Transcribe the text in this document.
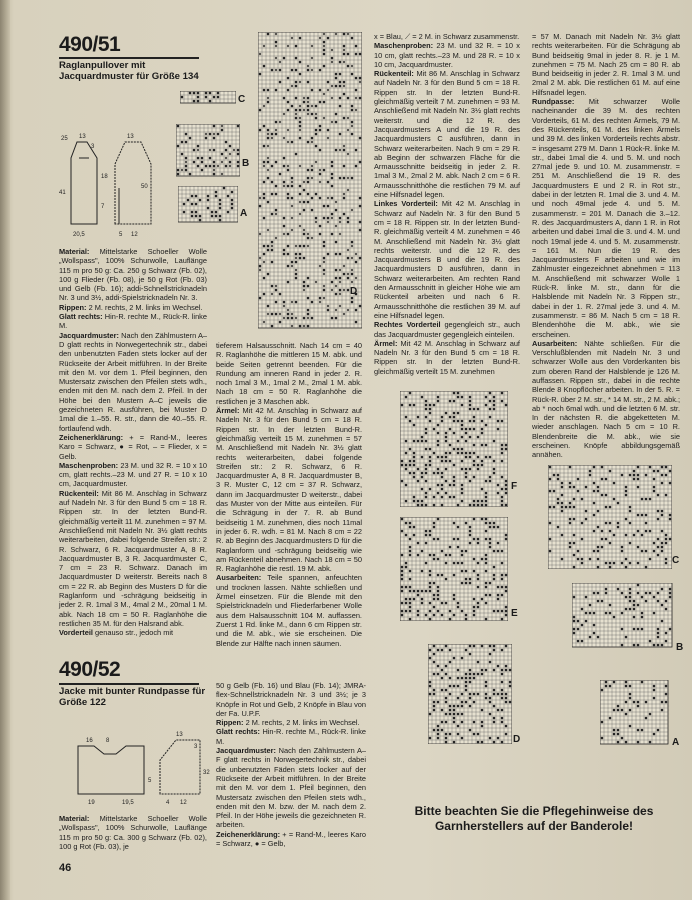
490/51
Raglanpullover mit Jacquardmuster für Größe 134
25 13
3
41
18
13
7
50
20,5	5 12
C
B
A
D

Material: Mittelstarke Schoeller Wolle „Wollspass", 100% Schurwolle, Lauflänge 115 m pro 50 g: Ca. 250 g Schwarz (Fb. 02), 100 g Flieder (Fb. 08), je 50 g Rot (Fb. 03) und Gelb (Fb. 16); addi-Schnellstricknadeln Nr. 3 und 3½, addi-Spielstricknadeln Nr. 3.

Rippen: 2 M. rechts, 2 M. links im Wechsel.

Glatt rechts: Hin-R. rechte M., Rück-R. linke M.

Jacquardmuster: Nach den Zählmustern A–D glatt rechts in Norwegertechnik str., dabei den unbenutzten Faden stets locker auf der Rückseite der Arbeit mitführen. In der Breite mit den M. vor dem 1. Pfeil beginnen, den Mustersatz zwischen den Pfeilen stets wdh., enden mit den M. nach dem 2. Pfeil. In der Höhe bei den Mustern A–C jeweils die gezeichneten R. ausführen, bei Muster D 1mal die 1.–55. R. str., dann die 40.–55. R. fortlaufend wdh.

Zeichenerklärung: + = Rand-M., leeres Karo = Schwarz, ● = Rot, – = Flieder, x = Gelb.

Maschenproben: 23 M. und 32 R. = 10 x 10 cm, glatt rechts.–23 M. und 27 R. = 10 x 10 cm, Jacquardmuster.

Rückenteil: Mit 86 M. Anschlag in Schwarz auf Nadeln Nr. 3 für den Bund 5 cm = 18 R. Rippen str. In der letzten Bund-R. gleichmäßig verteilt 11 M. zunehmen = 97 M. Anschließend mit Nadeln Nr. 3½ glatt rechts weiterarbeiten, dabei folgende Streifen str.: 2 R. Schwarz, 6 R. Jacquardmuster A, 8 R. Jacquardmuster B, 3 R. Jacquardmuster C, 7 cm = 23 R. Schwarz. Danach im Jacquardmuster D weiterstr. Bereits nach 8 cm = 22 R. ab Beginn des Musters D für die Raglanform und -schrägung beidseitig in jeder 2. R. 1mal 3 M., 4mal 2 M., 20mal 1 M. abk. Nach 18 cm = 50 R. Raglanhöhe die restlichen 35 M. für den Halsrand abk.

Vorderteil genauso str., jedoch mit

tieferem Halsausschnitt. Nach 14 cm = 40 R. Raglanhöhe die mittleren 15 M. abk. und beide Seiten getrennt beenden. Für die Rundung am inneren Rand in jeder 2. R. noch 1mal 3 M., 1mal 2 M., 2mal 1 M. abk. Nach 18 cm = 50 R. Raglanhöhe die restlichen je 3 Maschen abk.

Ärmel: Mit 42 M. Anschlag in Schwarz auf Nadeln Nr. 3 für den Bund 5 cm = 18 R. Rippen str. In der letzten Bund-R. gleichmäßig verteilt 15 M. zunehmen = 57 M. Anschließend mit Nadeln Nr. 3½ glatt rechts weiterarbeiten, dabei folgende Streifen str.: 2 R. Schwarz, 6 R. Jacquardmuster A, 8 R. Jacquardmuster B, 3 R. Muster C, 12 cm = 37 R. Schwarz, dann im Jacquardmuster D weiterstr., dabei das Muster von der Mitte aus einteilen. Für die Schrägung in der 7. R. ab Bund beidseitig 1 M. zunehmen, dies noch 11mal in jeder 6. R. wdh. = 81 M. Nach 8 cm = 22 R. ab Beginn des Jacquardmusters D für die Raglanform und -schrägung beidseitig wie am Rückenteil abnehmen. Nach 18 cm = 50 R. Raglanhöhe die restl. 19 M. abk.

Ausarbeiten: Teile spannen, anfeuchten und trocknen lassen. Nähte schließen und Ärmel einsetzen. Für die Blende mit den Spielstricknadeln und Fliederfarbener Wolle aus dem Halsausschnitt 104 M. auffassen. Zuerst 1 Rd. linke M., dann 6 cm Rippen str. und die M. abk., wie sie erscheinen. Die Blende zur Hälfte nach innen säumen.

x = Blau, ⟋ = 2 M. in Schwarz zusammenstr.

Maschenproben: 23 M. und 32 R. = 10 x 10 cm, glatt rechts.–23 M. und 28 R. = 10 x 10 cm, Jacquardmuster.

Rückenteil: Mit 86 M. Anschlag in Schwarz auf Nadeln Nr. 3 für den Bund 5 cm = 18 R. Rippen str. In der letzten Bund-R. gleichmäßig verteilt 7 M. zunehmen = 93 M. Anschließend mit Nadeln Nr. 3½ glatt rechts weiterstr. und die 12 R. des Jacquardmusters A und die 19 R. des Jacquardmusters C ausführen, dann in Schwarz weiterarbeiten. Nach 9 cm = 29 R. ab Beginn der schwarzen Fläche für die Armausschnitte beidseitig in jeder 2. R. 1mal 3 M., 2mal 2 M. abk. Nach 2 cm = 6 R. Armausschnitthöhe die restlichen 79 M. auf eine Hilfsnadel legen.

Linkes Vorderteil: Mit 42 M. Anschlag in Schwarz auf Nadeln Nr. 3 für den Bund 5 cm = 18 R. Rippen str. In der letzten Bund-R. gleichmäßig verteilt 4 M. zunehmen = 46 M. Anschließend mit Nadeln Nr. 3½ glatt rechts weiterstr. und die 12 R. des Jacquardmusters B und die 19 R. des Jacquardmusters D ausführen, dann in Schwarz weiterarbeiten. Am rechten Rand den Armausschnitt in gleicher Höhe wie am Rückenteil arbeiten und nach 6 R. Armausschnitthöhe die restlichen 39 M. auf eine Hilfsnadel legen.

Rechtes Vorderteil gegengleich str., auch das Jacquardmuster gegengleich einteilen.

Ärmel: Mit 42 M. Anschlag in Schwarz auf Nadeln Nr. 3 für den Bund 5 cm = 18 R. Rippen str. In der letzten Bund-R. gleichmäßig verteilt 15 M. zunehmen

= 57 M. Danach mit Nadeln Nr. 3½ glatt rechts weiterarbeiten. Für die Schrägung ab Bund beidseitig 9mal in jeder 8. R. je 1 M. zunehmen = 75 M. Nach 25 cm = 80 R. ab Bund beidseitig in jeder 2. R. 1mal 3 M. und 2mal 2 M. abk. Die restlichen 61 M. auf eine Hilfsnadel legen.

Rundpasse: Mit schwarzer Wolle nacheinander die 39 M. des rechten Vorderteils, 61 M. des rechten Ärmels, 79 M. des Rückenteils, 61 M. des linken Ärmels und 39 M. des linken Vorderteils rechts abstr. = insgesamt 279 M. Dann 1 Rück-R. linke M. str., dabei 1mal die 4. und 5. M. und noch 27mal jede 9. und 10. M. zusammenstr. = 251 M. Anschließend die 19 R. des Jacquardmusters E und 2 R. in Rot str., dabei in der letzten R. 1mal die 3. und 4. M. und noch 49mal jede 4. und 5. M. zusammenstr. = 201 M. Danach die 3.–12. R. des Jacquardmusters A, dann 1 R. in Rot arbeiten und dabei 1mal die 3. und 4. M. und noch 19mal jede 4. und 5. M. zusammenstr. = 161 M. Nun die 19 R. des Jacquardmusters F arbeiten und wie im Zählmuster eingezeichnet abnehmen = 113 M. Anschließend mit schwarzer Wolle 1 Rück-R. linke M. str., dann für die Halsblende mit Nadeln Nr. 3 Rippen str., dabei in der 1. R. 27mal jede 3. und 4. M. zusammenstr. = 86 M. Nach 5 cm = 18 R. Blendenhöhe die M. abk., wie sie erscheinen.

Ausarbeiten: Nähte schließen. Für die Verschlußblenden mit Nadeln Nr. 3 und schwarzer Wolle aus den Vorderkanten bis zum oberen Rand der Halsblende je 126 M. auffassen. Rippen str., dabei in die rechte Blende 8 Knopflöcher arbeiten. In der 5. R. = Rück-R. über 2 M. str., * 14 M. str., 2 M. abk.; ab * noch 6mal wdh. und die letzten 6 M. str. In der nächsten R. die abgeketteten M. wieder anschlagen. Nach 5 cm = 10 R. Blendenbreite die M. abk., wie sie erscheinen. Knöpfe abbildungsgemäß annähen.

F
E
D
C
B
A
Bitte beachten Sie die Pflegehinweise des Garnherstellers auf der Banderole!
490/52
Jacke mit bunter Rundpasse für Größe 122
16 8
13
3
32
5
19	19,5	4 12

Material: Mittelstarke Schoeller Wolle „Wollspass", 100% Schurwolle, Lauflänge 115 m pro 50 g: Ca. 300 g Schwarz (Fb. 02), 100 g Rot (Fb. 03), je

50 g Gelb (Fb. 16) und Blau (Fb. 14); JMRA-flex-Schnellstricknadeln Nr. 3 und 3½; je 3 Knöpfe in Rot und Gelb, 2 Knöpfe in Blau von der Fa. U.P.F.

Rippen: 2 M. rechts, 2 M. links im Wechsel.

Glatt rechts: Hin-R. rechte M., Rück-R. linke M.

Jacquardmuster: Nach den Zählmustern A–F glatt rechts in Norwegertechnik str., dabei die unbenutzten Fäden stets locker auf der Rückseite der Arbeit mitführen. In der Breite mit den M. vor dem 1. Pfeil beginnen, den Mustersatz zwischen den Pfeilen stets wdh., enden mit den M. bzw. der M. nach dem 2. Pfeil. In der Höhe jeweils die gezeichneten R. arbeiten.

Zeichenerklärung: + = Rand-M., leeres Karo = Schwarz, ● = Gelb,

46
